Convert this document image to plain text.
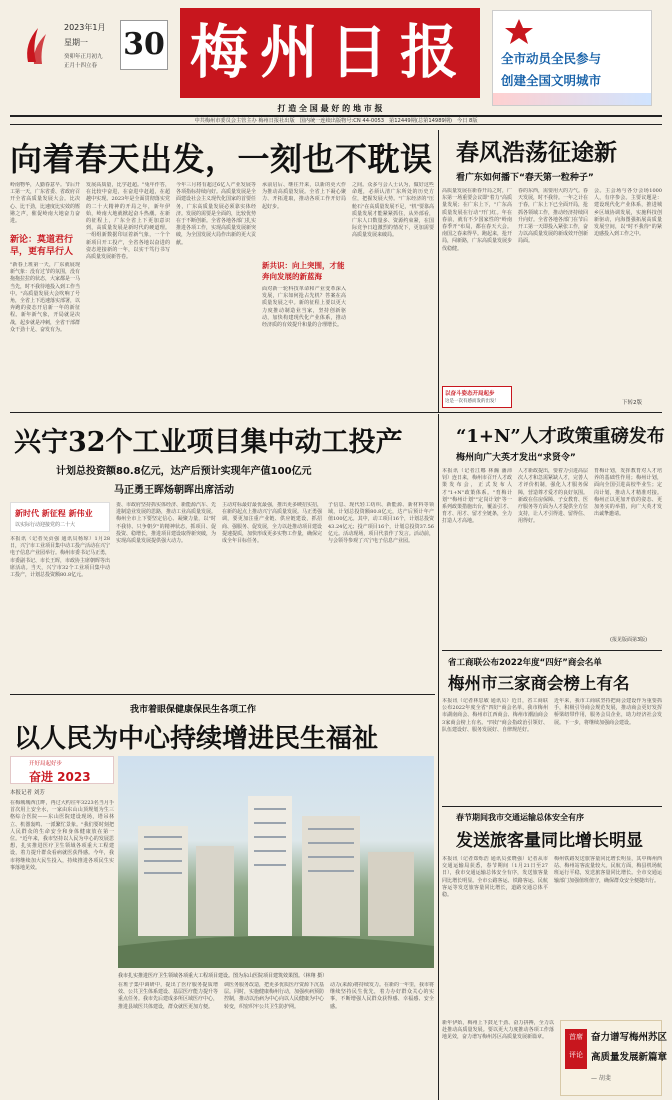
2023年1月
星期一
癸卯年正月初九
正月十四立春
30 梅州日报
打 造 全 国 最 好 的 地 市 报
全市动员全民参与
创建全国文明城市
中共梅州市委员会主管主办 梅州日报社出版 国内统一连续出版物号:CN 44-0053 第12449期(总第14989期) 今日 8版
向着春天出发，一刻也不耽误
岭南物华，人勤春意早。节后开工第一天，广东省委、省政府召开全省高质量发展大会。比决心、比干劲，比速度比实效的铿锵之声，催促岭南大地奋力奋进。
新论：莫道君行早，更有早行人
"新春上班第一天，广东就展现新气象：没有过节的氛围，没有拖拖拉拉的状态，大家都是一马当先，时不我待地投入到工作当中。"高质量发展大会吹响了号角，全省上下迅速落实部署，以奔跑的姿态开启新一年的新征程。新年新气象，开局就是决战，起步就是冲刺，全省干部群众干劲十足、奋发有为。
发展高质量，比学赶超。"兔年作答，在比较中奋进，在奋进中赶超，在超越中实现。2023年是全面贯彻落实党的二十大精神的开局之年，新年伊始，岭南大地就掀起奋斗热潮。在新的征程上，广东全省上下更加意识到，高质量发展是新时代的硬道理。一组组新数据印证着新气象，一个个新项目开工投产，全省各地以奋进的姿态迎接新的一年，以实干笃行书写高质量发展新答卷。
今年三月将有超过6亿人产业发展等各项指标持续向好。高质量发展是全面建设社会主义现代化国家的首要任务，广东高质量发展必须靠实体经济。发展的需要是全面的，比较优势在于不断创新。全省各地各部门扎实推进各项工作，实现高质量发展新突破，为全国发展大局作出新的更大贡献。
新共识：向上突围，才能奔向发展的新蓝海
承前启后、继往开来，以新的更大作为推动高质量发展。全省上下凝心聚力、开拓进取，推动各项工作开好局起好步。
面对新一轮科技革命和产业变革深入发展，广东如何抢占先机？答案在高质量发展之中。新的征程上要以更大力度推动制造业当家，坚持创新驱动，加快构建现代化产业体系，推动经济质的有效提升和量的合理增长。
之间。众多与会人士认为，做好这些命题，必须认清广东所处的历史方位，把握发展大势。"广东经济的"压舱石"在高质量发展不足，"机"要靠高质量发展才能紧紧抓住，从外部看，广东人口数量多、资源约束紧，在国际竞争日趋激烈的情况下，更加需要高质量发展来破局。
春风浩荡征途新
看广东如何播下“春天第一粒种子”
高质量发展在新春开局之时，广东第一场重要会议即"着力"高质量发展；在广东上下，"广东高质量发展在行动"开门红。年在春前，就有不少国家性的"岭南春季开"布局，都在春天大会。南国之春来得早。跑起来，抢开局，闯新路，广东高质量发展步伐稳健。
以奋斗姿态开局起步
这是一次有感而发的出发！
春的东西，需要用大的力气。春天发展，时不我待。一年之计在于春，广东上下已全面开局，抢抓各领域工作，推动经济持续回升向好。全省各地各部门在节后开工第一天即投入紧张工作，奋力以高质量发展的新成效开创新局面。
会。主会场与各分会场1000人，有序参会。主要议题是：建设现代化产业体系，推进城乡区域协调发展，实施科技创新驱动，向海图强拓展高质量发展空间，以"时不我待"的紧迫感投入到工作之中。
下转2版
兴宁32个工业项目集中动工投产
计划总投资额80.8亿元，达产后预计实现年产值100亿元
马正勇王晖炀朝晖出席活动
新时代 新征程 新伟业
以实际行动迎接党的二十大
本报讯（记者吴贞强 通讯员杨琼）1月28日，兴宁市工业项目集中动工投产活动在兴宁电子信息产业园举行。梅州市委书记马正勇，市委副书记、市长王晖，市政协主席朝晖等出席活动。当天，兴宁市32个工业项目集中动工投产，计划总投资额80.8亿元。
委、市政府坚持抓实体经济、新能源汽车、先进制造业发展的思路，推动工业高质量发展。梅州全市上下要坚定信心、凝聚力量，以"时不我待、只争朝夕"的精神状态，抓项目、促投资、稳增长，推进项目建设取得新突破，为实现高质量发展提供强大动力。
主动对标最好最优最强，推出更多硬招实招，在新的起点上推动兴宁高质量发展。马正勇强调，要更加注重产业链、供应链建设，抓招商、强服务、促发展，全力以赴推动项目建设提速提质，加快形成更多实物工作量，确保完成全年目标任务。
子信息、现代轻工纺织、新能源、新材料等领域，计划总投资额80.8亿元，达产后预计年产值100亿元。其中，动工项目16个，计划总投资43.24亿元；投产项目16个，计划总投资37.56亿元。活动现场，项目代表作了发言。活动前，与会领导参观了兴宁电子信息产业园。
“1+N”人才政策重磅发布
梅州向广大英才发出“求贤令”
本报讯（记者江娜 林瀚 潘沛钊）连日来，梅州市召开人才政策发布会，正式发布人才"1+N"政策体系。"育梅计划""梅州计划""定岗计划"等一系列政策措施出台，覆盖引才、育才、用才、留才全链条，全力打造人才高地。
人才新政提出，要着力引进高层次人才和急需紧缺人才，完善人才评价机制，强化人才服务保障，营造尊才爱才的良好氛围。新政在住房保障、子女教育、医疗服务等方面为人才提供全方位支持，让人才引得进、留得住、用得好。
育梅计划，发挥教育对人才培养的基础性作用；梅州计划，面向全国引进高校毕业生；定岗计划，推动人才精准对接。梅州正以更加开放的姿态、更加务实的举措，向广大英才发出诚挚邀请。
(报见版面第3版)
我市着眼保健康保民生各项工作
以人民为中心持续增进民生福祉
开好局起好步
奋进 2023
本报记者 刘芳
在梅城城西江畔，再过大约往年3223名当月手首次用上安全水，一家由东山山顶规划为生三格综合医院——东山医院建设现场，塔吊林立、机器轰鸣、一派繁忙景象。"我们要时刻把人民群众的生命安全和身体健康放在第一位。"近年来，我市坚持以人民为中心的发展思想，扎实推进医疗卫生领域各项重大工程建设，着力提升群众看病就医获得感。今年，我市将继续加大民生投入，持续推进各项民生实事落地见效。
我市扎实推进医疗卫生领域各项重大工程项目建设。图为东山医院项目建筑效果图。（林翔 摄）
在班子集中调研中，提出了医疗服务提质增效、公共卫生体系建设、基层医疗能力提升等重点任务。我市先后建成多所区域医疗中心，推进县域医共体建设，群众就医更加方便。
调医务服务改造，把更多优质医疗资源下沉基层。同时，实施健康梅州行动，加强疾病预防控制，推动以治病为中心向以人民健康为中心转变，织密织牢公共卫生防护网。
动力(来源)将持续发力。在新的一年里，我市将继续坚持民生优先，着力办好群众关心的实事，不断增强人民群众获得感、幸福感、安全感。
省工商联公布2022年度“四好”商会名单
梅州市三家商会榜上有名
本报讯（记者林思敏 通讯员）近日，省工商联公布2022年度全省"四好"商会名单，我市梅州市湖南商会、梅州市江西商会、梅州市潮汕商会3家商会榜上有名。"四好"商会指政治引领好、队伍建设好、服务发展好、自律规范好。
近年来，我市工商联坚持把商会建设作为重要抓手，积极引导商会规范发展，推动商会更好发挥桥梁纽带作用，服务会员企业，助力经济社会发展。下一步，将继续加强商会建设。
春节期间我市交通运输总体安全有序
发送旅客量同比增长明显
本报讯（记者郑烁浩 通讯员张晓强）记者从市交通运输局获悉，春节期间（1月21日至27日），我市交通运输总体安全有序，发送旅客量同比增长明显。全市公路客运、铁路客运、民航客运等发送旅客量同比增长，道路交通总体平稳。
梅州铁路发送旅客量同比增长明显，其中梅州西站、梅州站客流量较大。民航方面，梅县机场航班运行平稳，发送旅客量同比增长。全市交通运输部门加强值班值守，确保群众安全便捷出行。
首席
评论
奋力谱写梅州苏区
高质量发展新篇章
— 胡斐
新年伊始，梅州上下鼓足干劲、奋力拼搏，全力以赴推动高质量发展。要以更大力度推动各项工作落地见效，奋力谱写梅州苏区高质量发展新篇章。
